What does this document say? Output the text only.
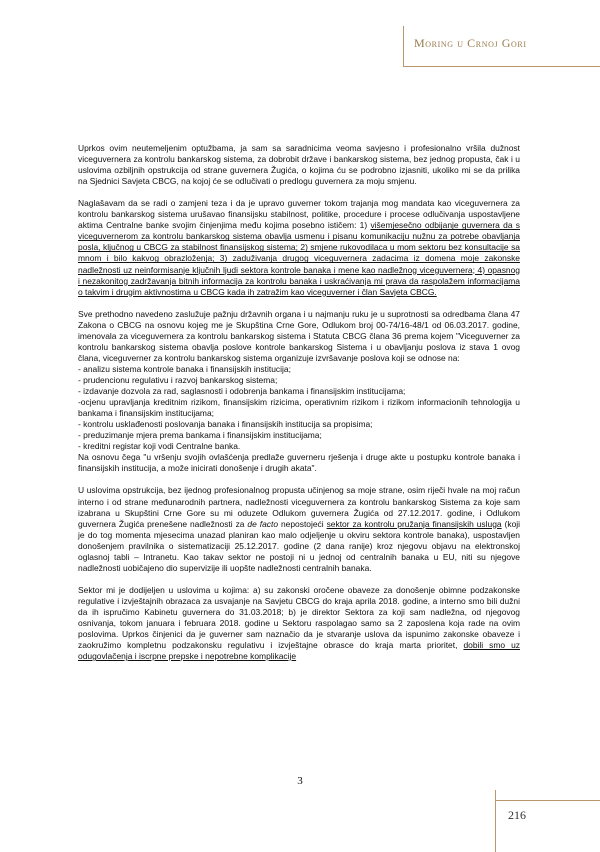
Moring u Crnoj Gori

Uprkos ovim neutemeljenim optužbama, ja sam sa saradnicima veoma savjesno i profesionalno vršila dužnost viceguvernera za kontrolu bankarskog sistema, za dobrobit države i bankarskog sistema, bez jednog propusta, čak i u uslovima ozbiljnih opstrukcija od strane guvernera Žugića, o kojima ću se podrobno izjasniti, ukoliko mi se da prilika na Sjednici Savjeta CBCG, na kojoj će se odlučivati o predlogu guvernera za moju smjenu.

Naglašavam da se radi o zamjeni teza i da je upravo guverner tokom trajanja mog mandata kao viceguvernera za kontrolu bankarskog sistema urušavao finansijsku stabilnost, politike, procedure i procese odlučivanja uspostavljene aktima Centralne banke svojim činjenjima među kojima posebno ističem: 1) višemjesečno odbijanje guvernera da s viceguvernerom za kontrolu bankarskog sistema obavlja usmenu i pisanu komunikaciju nužnu za potrebe obavljanja posla, ključnog u CBCG za stabilnost finansijskog sistema; 2) smjene rukovodilaca u mom sektoru bez konsultacije sa mnom i bilo kakvog obrazloženja; 3) zaduživanja drugog viceguvernera zadacima iz domena moje zakonske nadležnosti uz neinformisanje ključnih ljudi sektora kontrole banaka i mene kao nadležnog viceguvernera; 4) opasnog i nezakonitog zadržavanja bitnih informacija za kontrolu banaka i uskraćivanja mi prava da raspolažem informacijama o takvim i drugim aktivnostima u CBCG kada ih zatražim kao viceguverner i član Savjeta CBCG.

Sve prethodno navedeno zaslužuje pažnju državnih organa i u najmanju ruku je u suprotnosti sa odredbama člana 47 Zakona o CBCG na osnovu kojeg me je Skupština Crne Gore, Odlukom broj 00-74/16-48/1 od 06.03.2017. godine, imenovala za viceguvernera za kontrolu bankarskog sistema i Statuta CBCG člana 36 prema kojem "Viceguverner za kontrolu bankarskog sistema obavlja poslove kontrole bankarskog Sistema i u obavljanju poslova iz stava 1 ovog člana, viceguverner za kontrolu bankarskog sistema organizuje izvršavanje poslova koji se odnose na:
- analizu sistema kontrole banaka i finansijskih institucija;
- prudencionu regulativu i razvoj bankarskog sistema;
- izdavanje dozvola za rad, saglasnosti i odobrenja bankama i finansijskim institucijama;
-ocjenu upravljanja kreditnim rizikom, finansijskim rizicima, operativnim rizikom i rizikom informacionih tehnologija u bankama i finansijskim institucijama;
- kontrolu usklađenosti poslovanja banaka i finansijskih institucija sa propisima;
- preduzimanje mjera prema bankama i finansijskim institucijama;
- kreditni registar koji vodi Centralne banka.
Na osnovu čega "u vršenju svojih ovlašćenja predlaže guverneru rješenja i druge akte u postupku kontrole banaka i finansijskih institucija, a može inicirati donošenje i drugih akata".

U uslovima opstrukcija, bez ijednog profesionalnog propusta učinjenog sa moje strane, osim riječi hvale na moj račun interno i od strane međunarodnih partnera, nadležnosti viceguvernera za kontrolu bankarskog Sistema za koje sam izabrana u Skupštini Crne Gore su mi oduzete Odlukom guvernera Žugića od 27.12.2017. godine, i Odlukom guvernera Žugića prenešene nadležnosti za de facto nepostojeći sektor za kontrolu pružanja finansijskih usluga (koji je do tog momenta mjesecima unazad planiran kao malo odjeljenje u okviru sektora kontrole banaka), uspostavljen donošenjem pravilnika o sistematizaciji 25.12.2017. godine (2 dana ranije) kroz njegovu objavu na elektronskoj oglasnoj tabli – Intranetu. Kao takav sektor ne postoji ni u jednoj od centralnih banaka u EU, niti su njegove nadležnosti uobičajeno dio supervizije ili uopšte nadležnosti centralnih banaka.

Sektor mi je dodijeljen u uslovima u kojima: a) su zakonski oročene obaveze za donošenje obimne podzakonske regulative i izvještajnih obrazaca za usvajanje na Savjetu CBCG do kraja aprila 2018. godine, a interno smo bili dužni da ih ispručimo Kabinetu guvernera do 31.03.2018; b) je direktor Sektora za koji sam nadležna, od njegovog osnivanja, tokom januara i februara 2018. godine u Sektoru raspolagao samo sa 2 zaposlena koja rade na ovim poslovima. Uprkos činjenici da je guverner sam naznačio da je stvaranje uslova da ispunimo zakonske obaveze i zaokružimo kompletnu podzakonsku regulativu i izvještajne obrasce do kraja marta prioritet, dobili smo uz odugovlačenja i iscrpne prepske i nepotrebne komplikacije

3
216
